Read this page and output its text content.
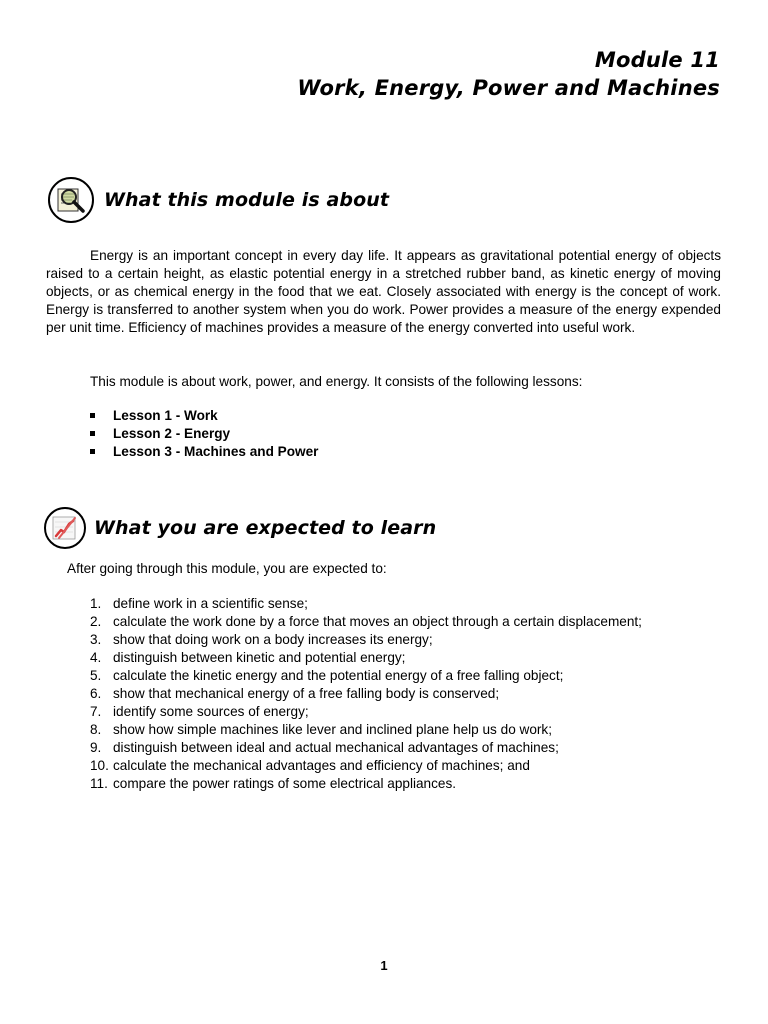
Module 11
Work, Energy, Power and Machines
What this module is about

Energy is an important concept in every day life. It appears as gravitational potential energy of objects raised to a certain height, as elastic potential energy in a stretched rubber band, as kinetic energy of moving objects, or as chemical energy in the food that we eat. Closely associated with energy is the concept of work. Energy is transferred to another system when you do work. Power provides a measure of the energy expended per unit time. Efficiency of machines provides a measure of the energy converted into useful work.

This module is about work, power, and energy. It consists of the following lessons:

Lesson 1 - Work
Lesson 2 - Energy
Lesson 3 - Machines and Power
What you are expected to learn

After going through this module, you are expected to:

1. define work in a scientific sense;
2. calculate the work done by a force that moves an object through a certain displacement;
3. show that doing work on a body increases its energy;
4. distinguish between kinetic and potential energy;
5. calculate the kinetic energy and the potential energy of a free falling object;
6. show that mechanical energy of a free falling body is conserved;
7. identify some sources of energy;
8. show how simple machines like lever and inclined plane help us do work;
9. distinguish between ideal and actual mechanical advantages of machines;
10. calculate the mechanical advantages and efficiency of machines; and
11. compare the power ratings of some electrical appliances.
1
